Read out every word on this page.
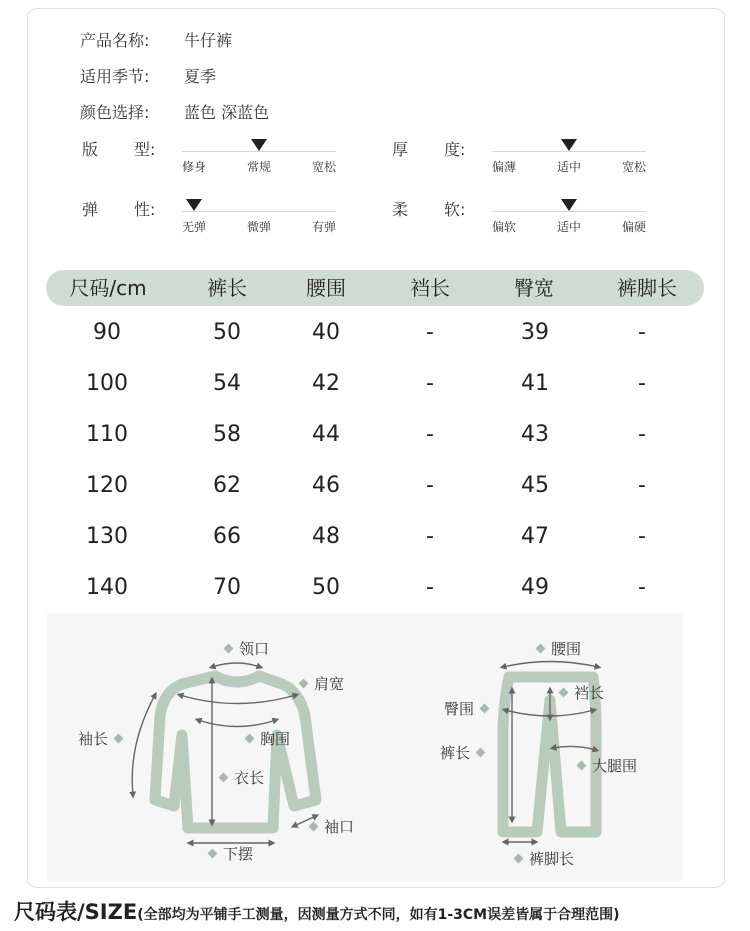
产品名称: 牛仔裤
适用季节: 夏季
颜色选择: 蓝色 深蓝色
版 型:
修身	常规	宽松
厚 度:
偏薄	适中	宽松
弹 性:
无弹	微弹	有弹
柔 软:
偏软	适中	偏硬
尺码/cm	裤长	腰围	裆长	臀宽	裤脚长
90	50	40	-	39	-
100	54	42	-	41	-
110	58	44	-	43	-
120	62	46	-	45	-
130	66	48	-	47	-
140	70	50	-	49	-
领口
肩宽
袖长	胸围
衣长
袖口
下摆
腰围
臀围
裆长
裤长
大腿围
裤脚长
尺码表/SIZE(全部均为平铺手工测量，因测量方式不同，如有1-3CM误差皆属于合理范围)
